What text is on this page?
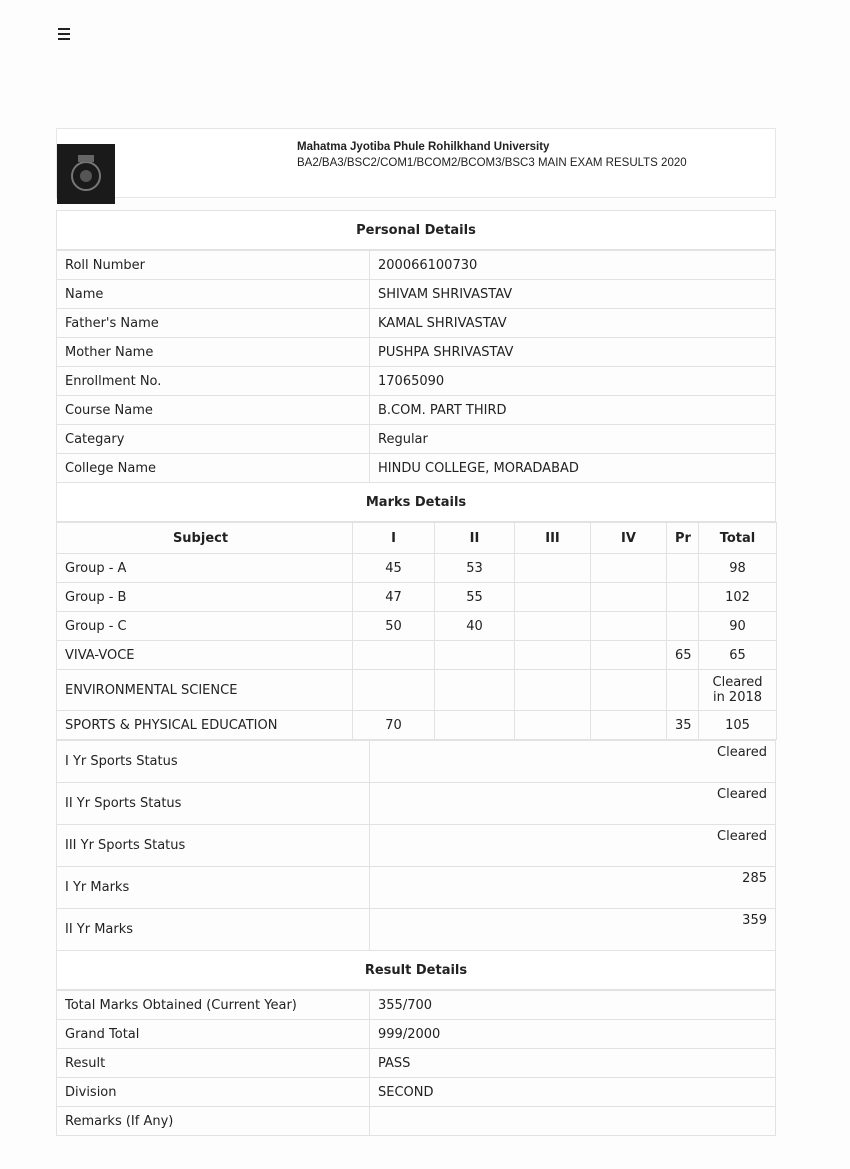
Mahatma Jyotiba Phule Rohilkhand University
BA2/BA3/BSC2/COM1/BCOM2/BCOM3/BSC3 MAIN EXAM RESULTS 2020
Personal Details
Roll Number	200066100730
Name	SHIVAM SHRIVASTAV
Father's Name	KAMAL SHRIVASTAV
Mother Name	PUSHPA SHRIVASTAV
Enrollment No.	17065090
Course Name	B.COM. PART THIRD
Categary	Regular
College Name	HINDU COLLEGE, MORADABAD
Marks Details
Subject	I	II	III	IV	Pr	Total
Group - A	45	53				98
Group - B	47	55				102
Group - C	50	40				90
VIVA-VOCE					65	65
ENVIRONMENTAL SCIENCE						Cleared in 2018
SPORTS & PHYSICAL EDUCATION	70				35	105
I Yr Sports Status	Cleared
II Yr Sports Status	Cleared
III Yr Sports Status	Cleared
I Yr Marks	285
II Yr Marks	359
Result Details
Total Marks Obtained (Current Year)	355/700
Grand Total	999/2000
Result	PASS
Division	SECOND
Remarks (If Any)	
